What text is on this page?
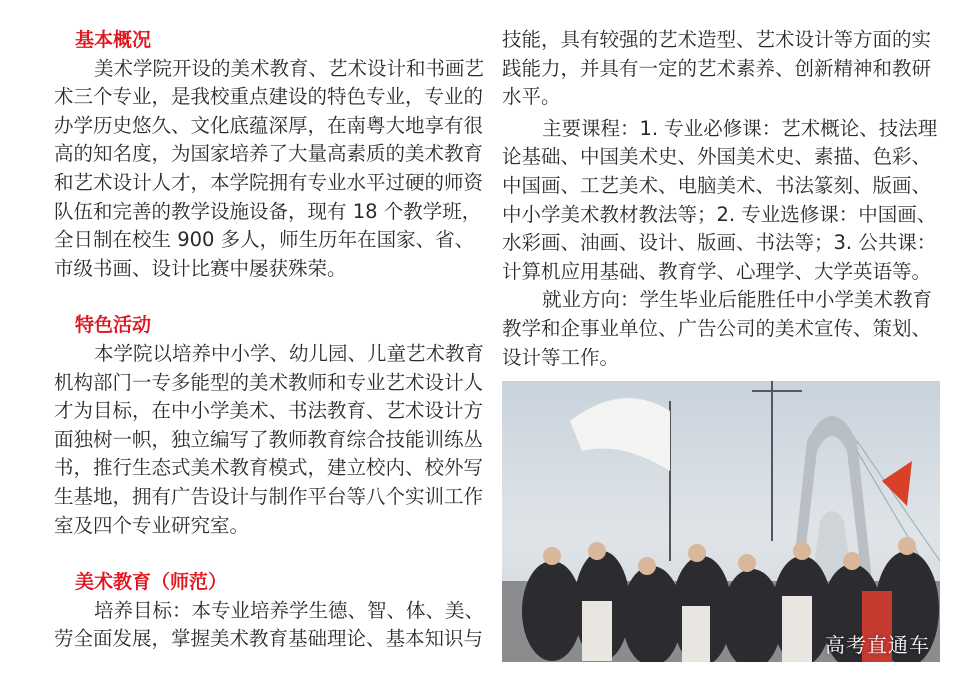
基本概况
美术学院开设的美术教育、艺术设计和书画艺
术三个专业，是我校重点建设的特色专业，专业的
办学历史悠久、文化底蕴深厚，在南粤大地享有很
高的知名度，为国家培养了大量高素质的美术教育
和艺术设计人才，本学院拥有专业水平过硬的师资
队伍和完善的教学设施设备，现有 18 个教学班，
全日制在校生 900 多人，师生历年在国家、省、
市级书画、设计比赛中屡获殊荣。
特色活动
本学院以培养中小学、幼儿园、儿童艺术教育
机构部门一专多能型的美术教师和专业艺术设计人
才为目标，在中小学美术、书法教育、艺术设计方
面独树一帜，独立编写了教师教育综合技能训练丛
书，推行生态式美术教育模式，建立校内、校外写
生基地，拥有广告设计与制作平台等八个实训工作
室及四个专业研究室。
美术教育（师范）
培养目标：本专业培养学生德、智、体、美、
劳全面发展，掌握美术教育基础理论、基本知识与
技能，具有较强的艺术造型、艺术设计等方面的实
践能力，并具有一定的艺术素养、创新精神和教研
水平。
主要课程：1. 专业必修课：艺术概论、技法理
论基础、中国美术史、外国美术史、素描、色彩、
中国画、工艺美术、电脑美术、书法篆刻、版画、
中小学美术教材教法等；2. 专业选修课：中国画、
水彩画、油画、设计、版画、书法等；3. 公共课：
计算机应用基础、教育学、心理学、大学英语等。
就业方向：学生毕业后能胜任中小学美术教育
教学和企事业单位、广告公司的美术宣传、策划、
设计等工作。
高考直通车
